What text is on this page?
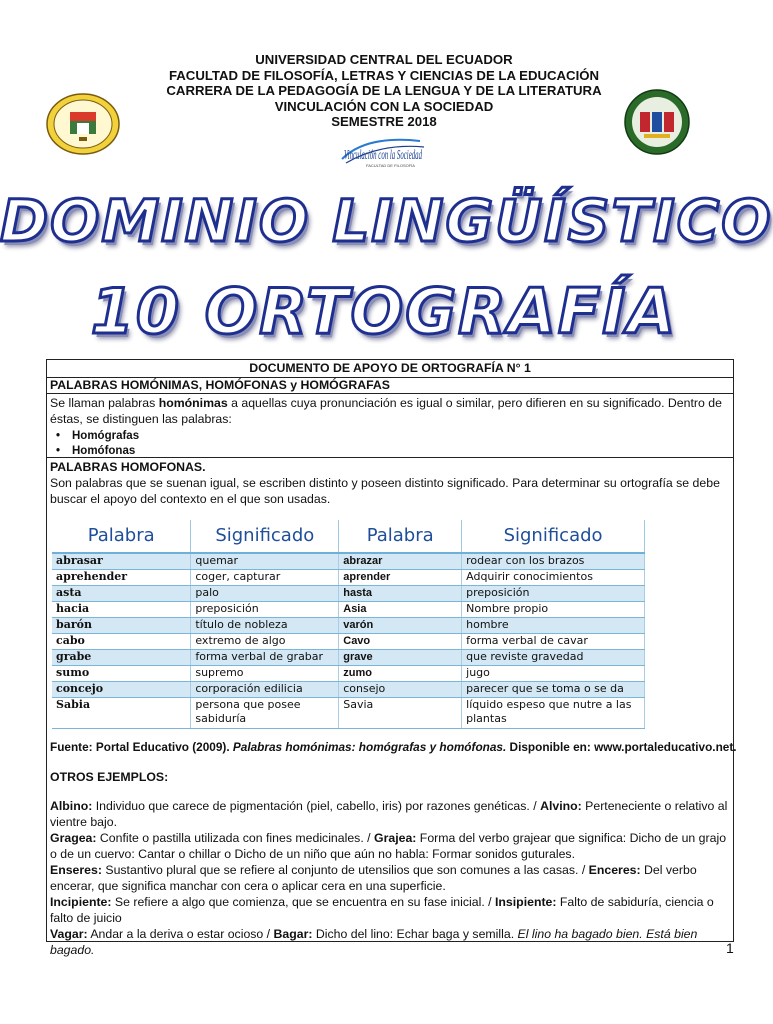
UNIVERSIDAD CENTRAL DEL ECUADOR
FACULTAD DE FILOSOFÍA, LETRAS Y CIENCIAS DE LA EDUCACIÓN
CARRERA DE LA PEDAGOGÍA DE LA LENGUA Y DE LA LITERATURA
VINCULACIÓN CON LA SOCIEDAD
SEMESTRE 2018
Vinculación con la Sociedad
FACULTAD DE FILOSOFÍA
DOMINIO LINGÜÍSTICO
10 ORTOGRAFÍA
DOCUMENTO DE APOYO DE ORTOGRAFÍA N° 1
PALABRAS HOMÓNIMAS, HOMÓFONAS y HOMÓGRAFAS
Se llaman palabras homónimas a aquellas cuya pronunciación es igual o similar, pero difieren en su significado. Dentro de éstas, se distinguen las palabras:
• Homógrafas
• Homófonas
PALABRAS HOMOFONAS.
Son palabras que se suenan igual, se escriben distinto y poseen distinto significado. Para determinar su ortografía se debe buscar el apoyo del contexto en el que son usadas.
Palabra	Significado	Palabra	Significado
abrasar	quemar	abrazar	rodear con los brazos
aprehender	coger, capturar	aprender	Adquirir conocimientos
asta	palo	hasta	preposición
hacia	preposición	Asia	Nombre propio
barón	título de nobleza	varón	hombre
cabo	extremo de algo	Cavo	forma verbal de cavar
grabe	forma verbal de grabar	grave	que reviste gravedad
sumo	supremo	zumo	jugo
concejo	corporación edilicia	consejo	parecer que se toma o se da
Sabia	persona que posee sabiduría	Savia	líquido espeso que nutre a las plantas
Fuente: Portal Educativo (2009). Palabras homónimas: homógrafas y homófonas. Disponible en: www.portaleducativo.net.
OTROS EJEMPLOS:

Albino: Individuo que carece de pigmentación (piel, cabello, iris) por razones genéticas. / Alvino: Perteneciente o relativo al vientre bajo.

Gragea: Confite o pastilla utilizada con fines medicinales. / Grajea: Forma del verbo grajear que significa: Dicho de un grajo o de un cuervo: Cantar o chillar o Dicho de un niño que aún no habla: Formar sonidos guturales.

Enseres: Sustantivo plural que se refiere al conjunto de utensilios que son comunes a las casas. / Enceres: Del verbo encerar, que significa manchar con cera o aplicar cera en una superficie.

Incipiente: Se refiere a algo que comienza, que se encuentra en su fase inicial. / Insipiente: Falto de sabiduría, ciencia o falto de juicio

Vagar: Andar a la deriva o estar ocioso / Bagar: Dicho del lino: Echar baga y semilla. El lino ha bagado bien. Está bien bagado.	1
